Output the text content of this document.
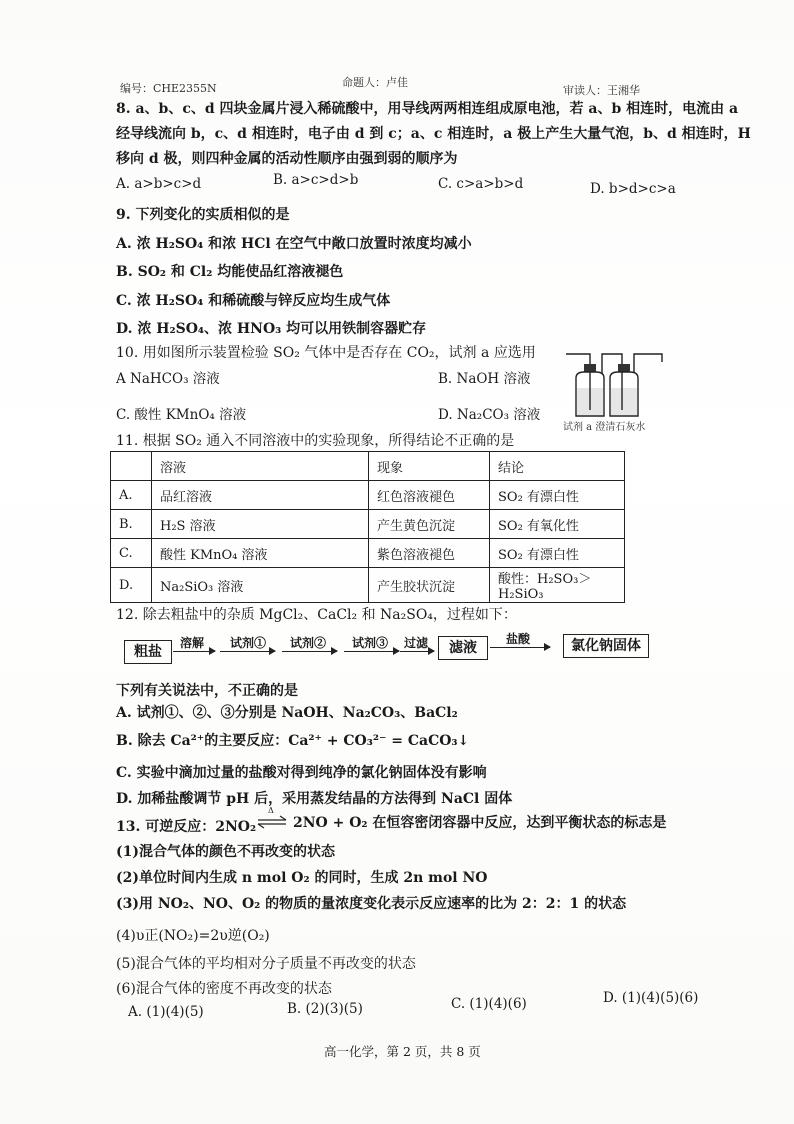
编号：CHE2355N	命题人：卢佳
审读人：王湘华
8. a、b、c、d 四块金属片浸入稀硫酸中，用导线两两相连组成原电池，若 a、b 相连时，电流由 a
经导线流向 b，c、d 相连时，电子由 d 到 c；a、c 相连时，a 极上产生大量气泡，b、d 相连时，H
移向 d 极，则四种金属的活动性顺序由强到弱的顺序为
A. a>b>c>d	B. a>c>d>b	C. c>a>b>d	D. b>d>c>a
9. 下列变化的实质相似的是
A. 浓 H₂SO₄ 和浓 HCl 在空气中敞口放置时浓度均减小
B. SO₂ 和 Cl₂ 均能使品红溶液褪色
C. 浓 H₂SO₄ 和稀硫酸与锌反应均生成气体
D. 浓 H₂SO₄、浓 HNO₃ 均可以用铁制容器贮存
10. 用如图所示装置检验 SO₂ 气体中是否存在 CO₂，试剂 a 应选用
A NaHCO₃ 溶液	B. NaOH 溶液
C. 酸性 KMnO₄ 溶液	D. Na₂CO₃ 溶液
试剂 a 澄清石灰水
11. 根据 SO₂ 通入不同溶液中的实验现象，所得结论不正确的是
	溶液	现象	结论
A.	品红溶液	红色溶液褪色	SO₂ 有漂白性
B.	H₂S 溶液	产生黄色沉淀	SO₂ 有氧化性
C.	酸性 KMnO₄ 溶液	紫色溶液褪色	SO₂ 有漂白性
D.	Na₂SiO₃ 溶液	产生胶状沉淀	酸性：H₂SO₃＞H₂SiO₃
12. 除去粗盐中的杂质 MgCl₂、CaCl₂ 和 Na₂SO₄，过程如下：
粗盐
溶解 试剂① 试剂② 试剂③ 过滤	滤液
盐酸	氯化钠固体
下列有关说法中，不正确的是
A. 试剂①、②、③分别是 NaOH、Na₂CO₃、BaCl₂
B. 除去 Ca²⁺的主要反应：Ca²⁺ + CO₃²⁻ = CaCO₃↓
C. 实验中滴加过量的盐酸对得到纯净的氯化钠固体没有影响
D. 加稀盐酸调节 pH 后，采用蒸发结晶的方法得到 NaCl 固体
13. 可逆反应：2NO₂ ⇌
Δ
2NO + O₂ 在恒容密闭容器中反应，达到平衡状态的标志是
(1)混合气体的颜色不再改变的状态
(2)单位时间内生成 n mol O₂ 的同时，生成 2n mol NO
(3)用 NO₂、NO、O₂ 的物质的量浓度变化表示反应速率的比为 2：2：1 的状态
(4)υ正(NO₂)=2υ逆(O₂)
(5)混合气体的平均相对分子质量不再改变的状态
(6)混合气体的密度不再改变的状态
A. (1)(4)(5)	B. (2)(3)(5)	C. (1)(4)(6)	D. (1)(4)(5)(6)
高一化学，第 2 页，共 8 页
